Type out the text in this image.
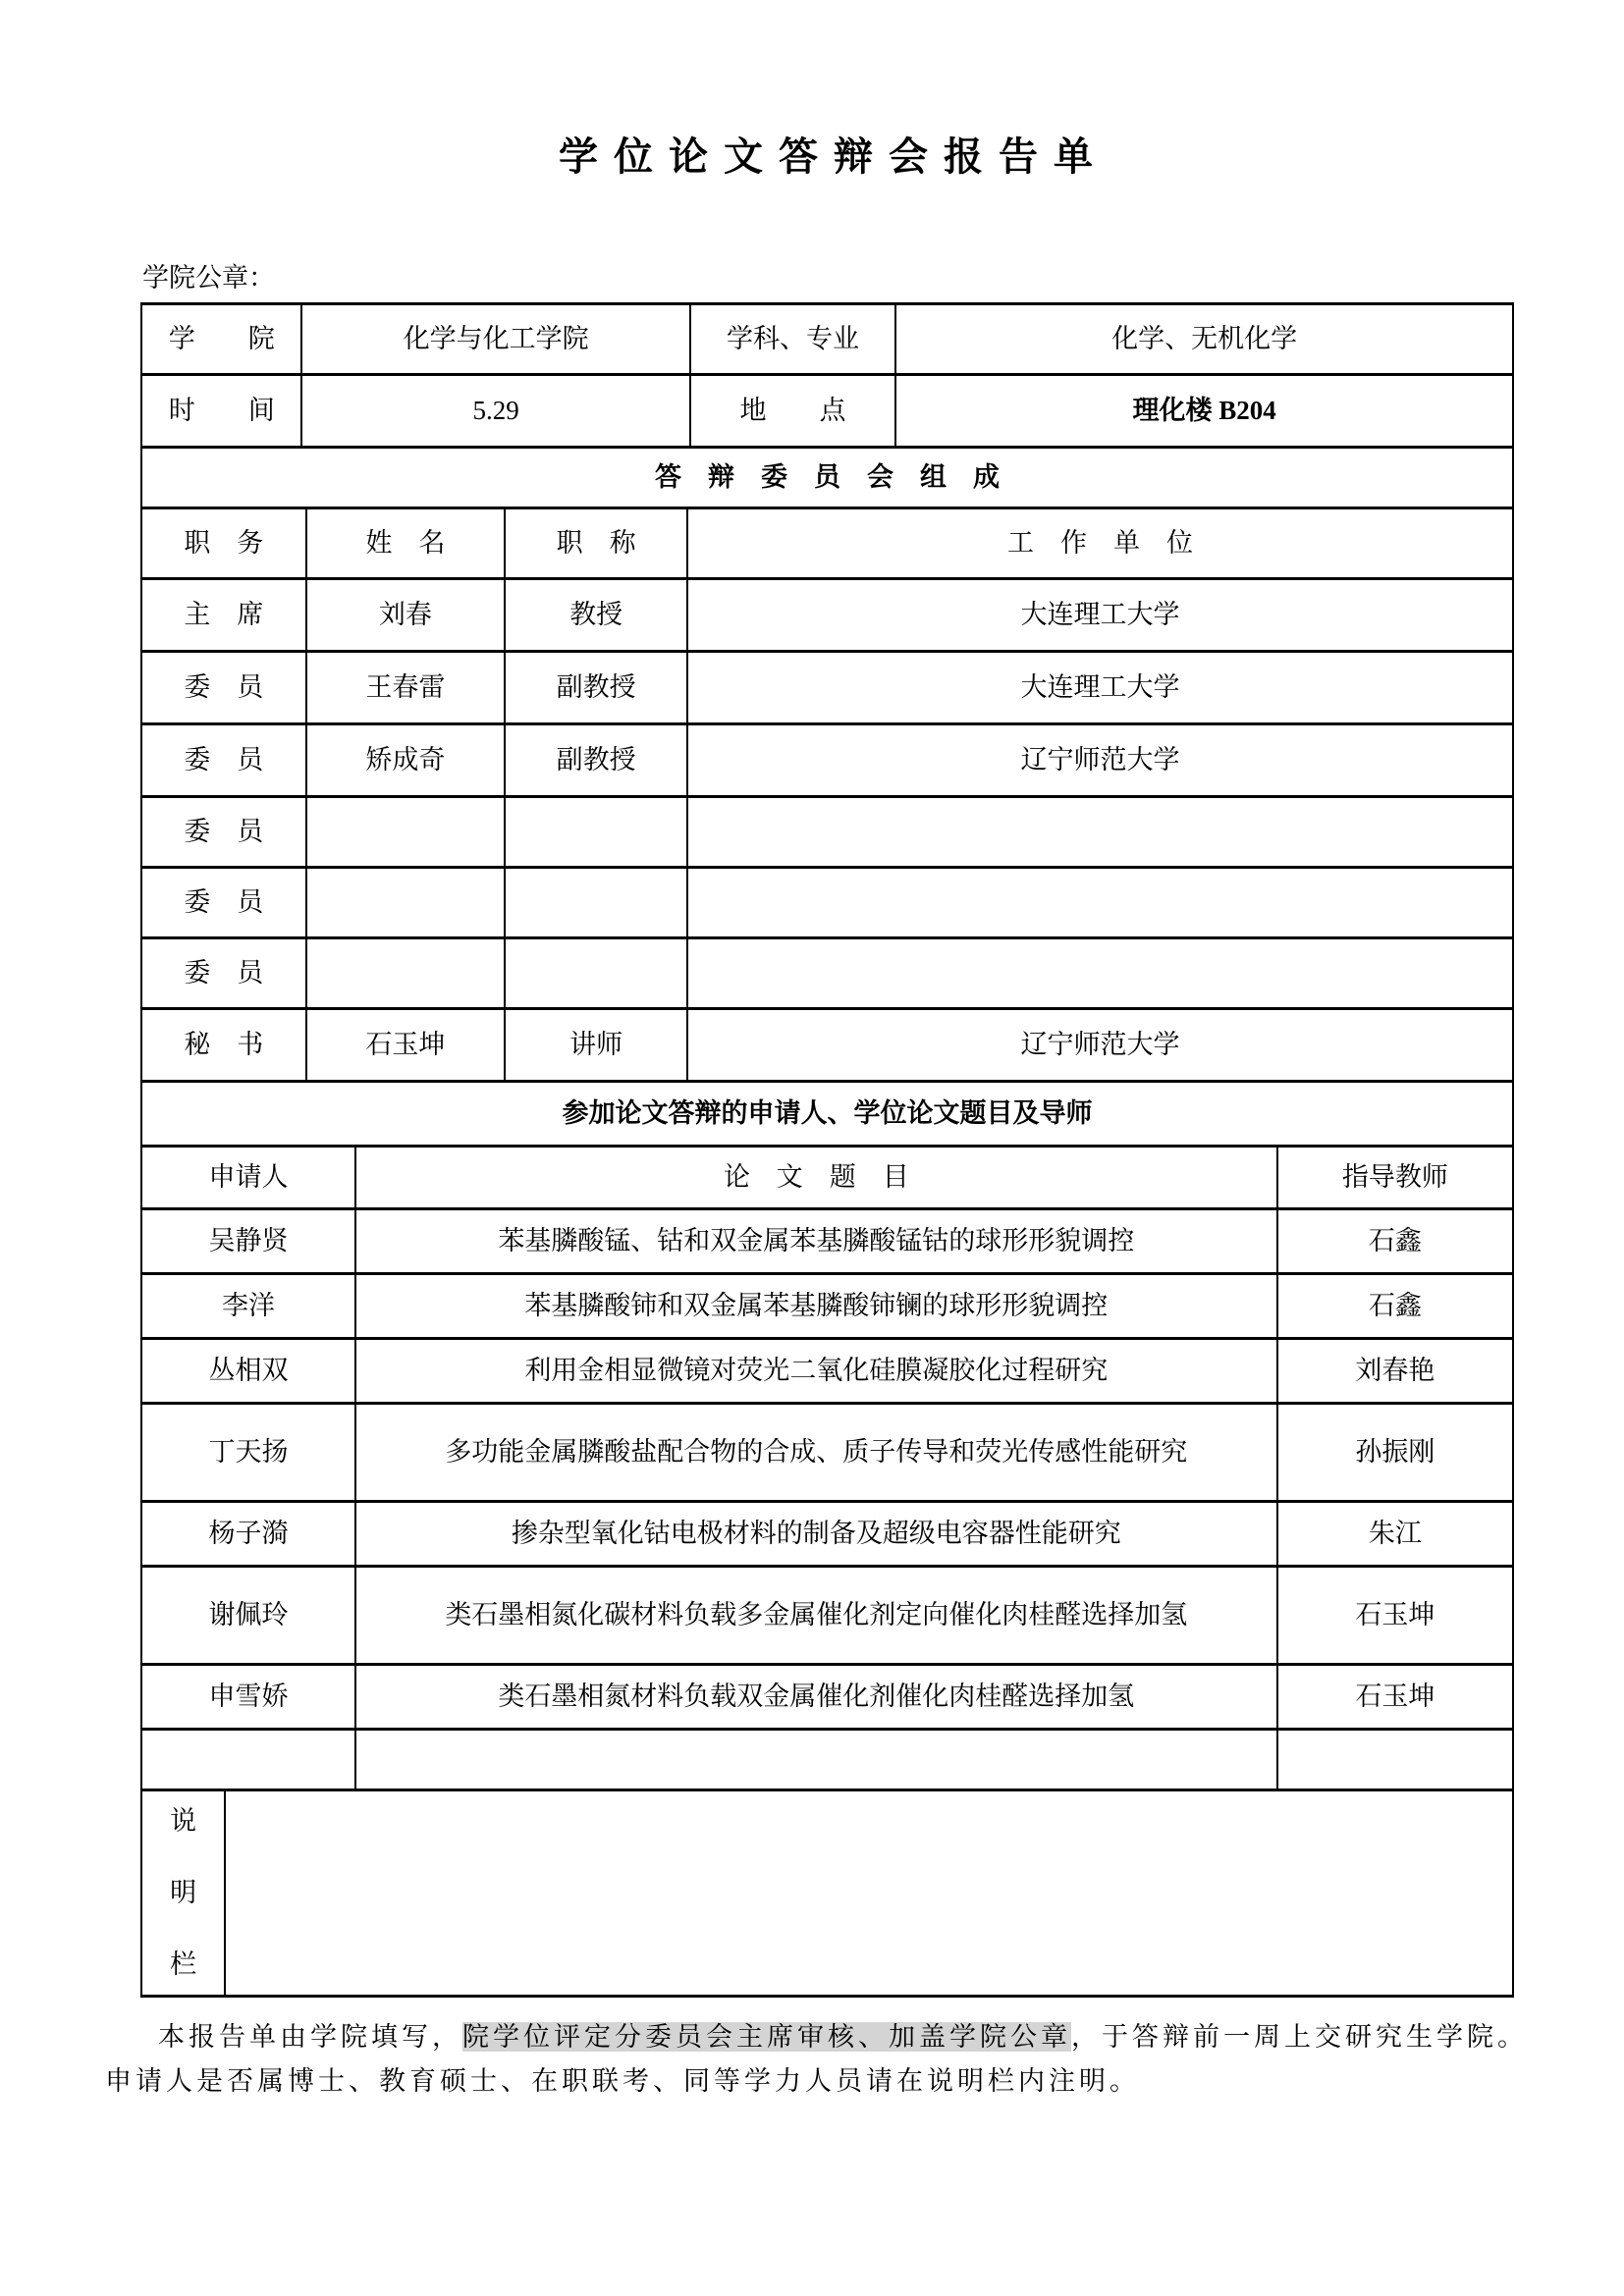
学 位 论 文 答 辩 会 报 告 单
学院公章：
学　　院	化学与化工学院	学科、专业	化学、无机化学
时　　间	5.29	地　　点	理化楼 B204
答　辩　委　员　会　组　成
职　务	姓　名	职　称	工　作　单　位
主　席	刘春	教授	大连理工大学
委　员	王春雷	副教授	大连理工大学
委　员	矫成奇	副教授	辽宁师范大学
委　员			
委　员			
委　员			
秘　书	石玉坤	讲师	辽宁师范大学
参加论文答辩的申请人、学位论文题目及导师
申请人	论　文　题　目	指导教师
吴静贤	苯基膦酸锰、钴和双金属苯基膦酸锰钴的球形形貌调控	石鑫
李洋	苯基膦酸铈和双金属苯基膦酸铈镧的球形形貌调控	石鑫
丛相双	利用金相显微镜对荧光二氧化硅膜凝胶化过程研究	刘春艳
丁天扬	多功能金属膦酸盐配合物的合成、质子传导和荧光传感性能研究	孙振刚
杨子漪	掺杂型氧化钴电极材料的制备及超级电容器性能研究	朱江
谢佩玲	类石墨相氮化碳材料负载多金属催化剂定向催化肉桂醛选择加氢	石玉坤
申雪娇	类石墨相氮材料负载双金属催化剂催化肉桂醛选择加氢	石玉坤

说
明
栏

本报告单由学院填写，院学位评定分委员会主席审核、加盖学院公章，于答辩前一周上交研究生学院。
申请人是否属博士、教育硕士、在职联考、同等学力人员请在说明栏内注明。
